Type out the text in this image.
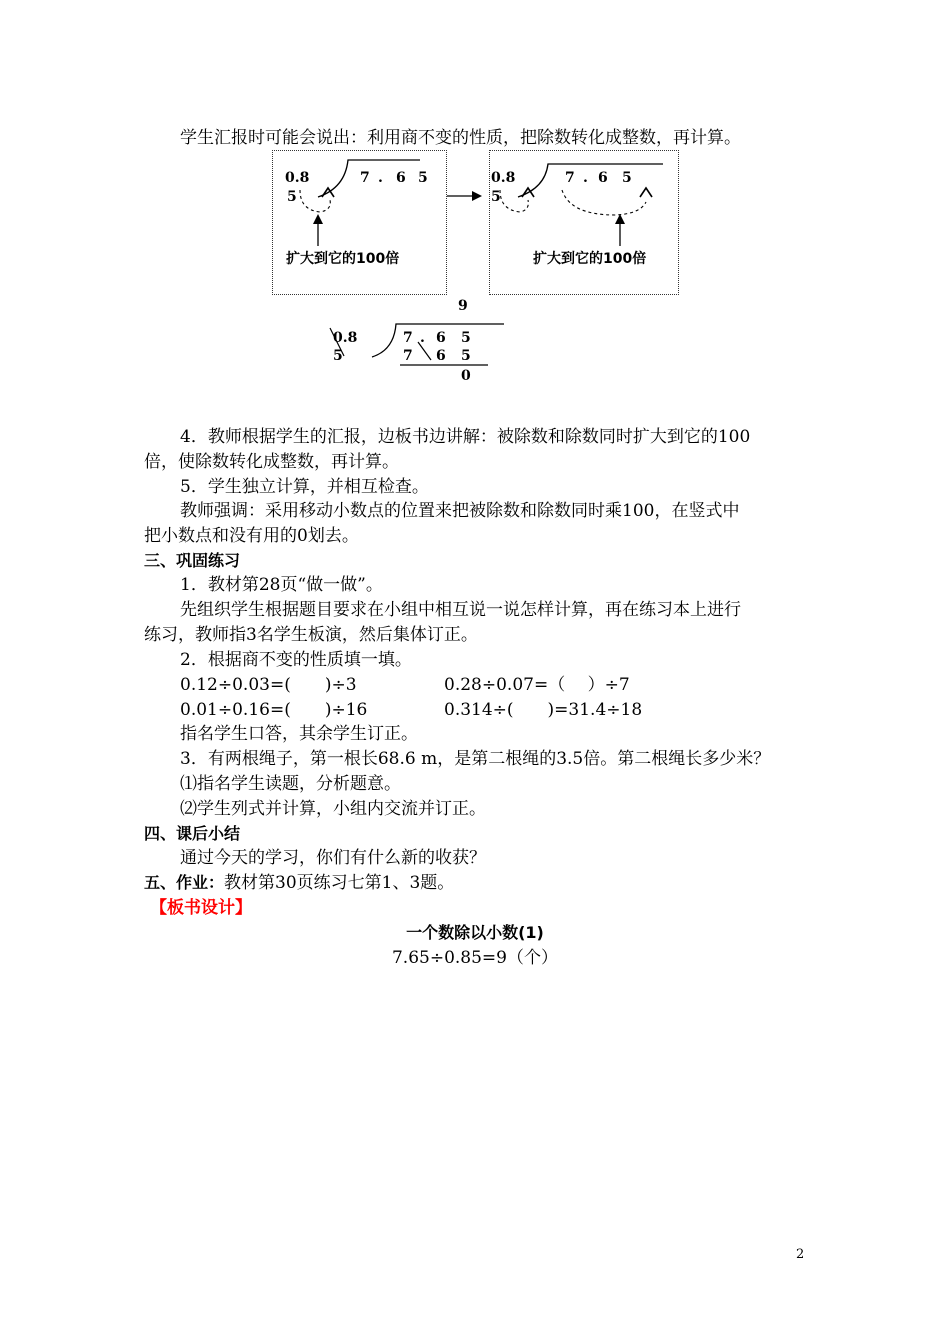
学生汇报时可能会说出：利用商不变的性质，把除数转化成整数，再计算。
0.8
5
7 . 6 5
扩大到它的100倍
0.8
5
7 . 6 5
扩大到它的100倍
9
0.8
5
7 . 6 5
7 6 5
0
4．教师根据学生的汇报，边板书边讲解：被除数和除数同时扩大到它的100
倍，使除数转化成整数，再计算。
5．学生独立计算，并相互检查。
教师强调：采用移动小数点的位置来把被除数和除数同时乘100，在竖式中
把小数点和没有用的0划去。
三、巩固练习
1．教材第28页“做一做”。
先组织学生根据题目要求在小组中相互说一说怎样计算，再在练习本上进行
练习，教师指3名学生板演，然后集体订正。
2．根据商不变的性质填一填。
0.12÷0.03=(　　)÷3	0.28÷0.07=（　 ）÷7
0.01÷0.16=(　　)÷16	0.314÷(　　)=31.4÷18
指名学生口答，其余学生订正。
3．有两根绳子，第一根长68.6 m，是第二根绳的3.5倍。第二根绳长多少米？
⑴指名学生读题，分析题意。
⑵学生列式并计算，小组内交流并订正。
四、课后小结
通过今天的学习，你们有什么新的收获？
五、作业：教材第30页练习七第1、3题。
【板书设计】
一个数除以小数(1)
7.65÷0.85=9（个）
2
